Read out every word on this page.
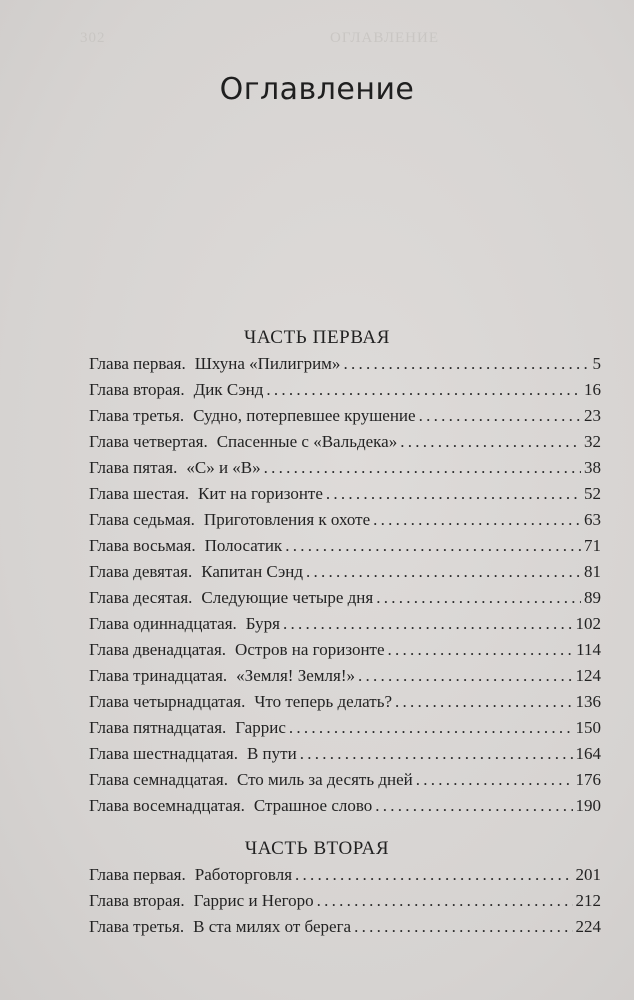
302	ОГЛАВЛЕНИЕ
Оглавление
ЧАСТЬ ПЕРВАЯ
Глава первая. Шхуна «Пилигрим» . . .	5
Глава вторая. Дик Сэнд . . .	16
Глава третья. Судно, потерпевшее крушение . . .	23
Глава четвертая. Спасенные с «Вальдека» . . .	32
Глава пятая. «С» и «В» . . .	38
Глава шестая. Кит на горизонте . . .	52
Глава седьмая. Приготовления к охоте . . .	63
Глава восьмая. Полосатик . . .	71
Глава девятая. Капитан Сэнд . . .	81
Глава десятая. Следующие четыре дня . . .	89
Глава одиннадцатая. Буря . . .	102
Глава двенадцатая. Остров на горизонте . . .	114
Глава тринадцатая. «Земля! Земля!» . . .	124
Глава четырнадцатая. Что теперь делать? . . .	136
Глава пятнадцатая. Гаррис . . .	150
Глава шестнадцатая. В пути . . .	164
Глава семнадцатая. Сто миль за десять дней . . .	176
Глава восемнадцатая. Страшное слово . . .	190
ЧАСТЬ ВТОРАЯ
Глава первая. Работорговля . . .	201
Глава вторая. Гаррис и Негоро . . .	212
Глава третья. В ста милях от берега . . .	224
